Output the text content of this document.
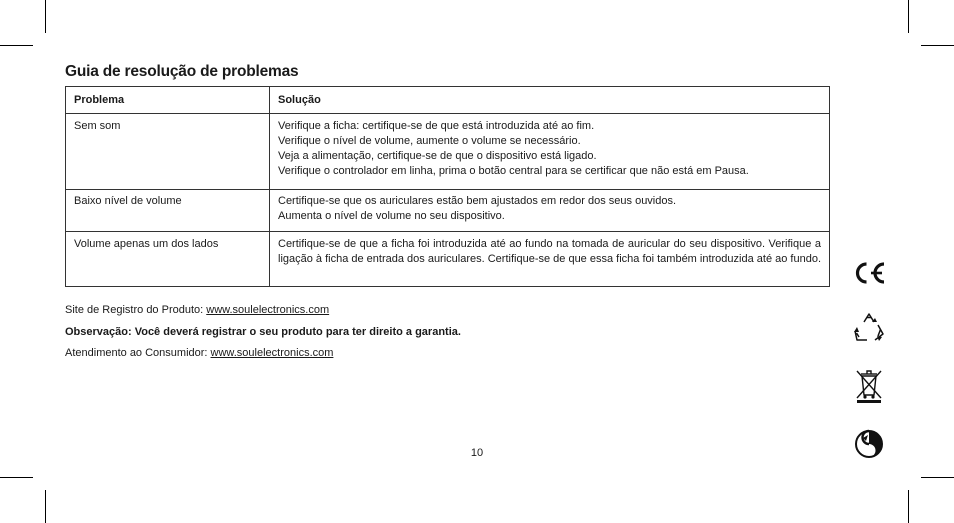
Guia de resolução de problemas
Problema	Solução
Sem som	Verifique a ficha: certifique-se de que está introduzida até ao fim.
Verifique o nível de volume, aumente o volume se necessário.
Veja a alimentação, certifique-se de que o dispositivo está ligado.
Verifique o controlador em linha, prima o botão central para se certificar que não está em Pausa.

Baixo nível de volume	Certifique-se que os auriculares estão bem ajustados em redor dos seus ouvidos.
Aumenta o nível de volume no seu dispositivo.

Volume apenas um dos lados	Certifique-se de que a ficha foi introduzida até ao fundo na tomada de auricular do seu dispositivo. Verifique a ligação à ficha de entrada dos auriculares. Certifique-se de que essa ficha foi também introduzida até ao fundo.
Site de Registro do Produto: www.soulelectronics.com
Observação: Você deverá registrar o seu produto para ter direito a garantia.
Atendimento ao Consumidor: www.soulelectronics.com
10
